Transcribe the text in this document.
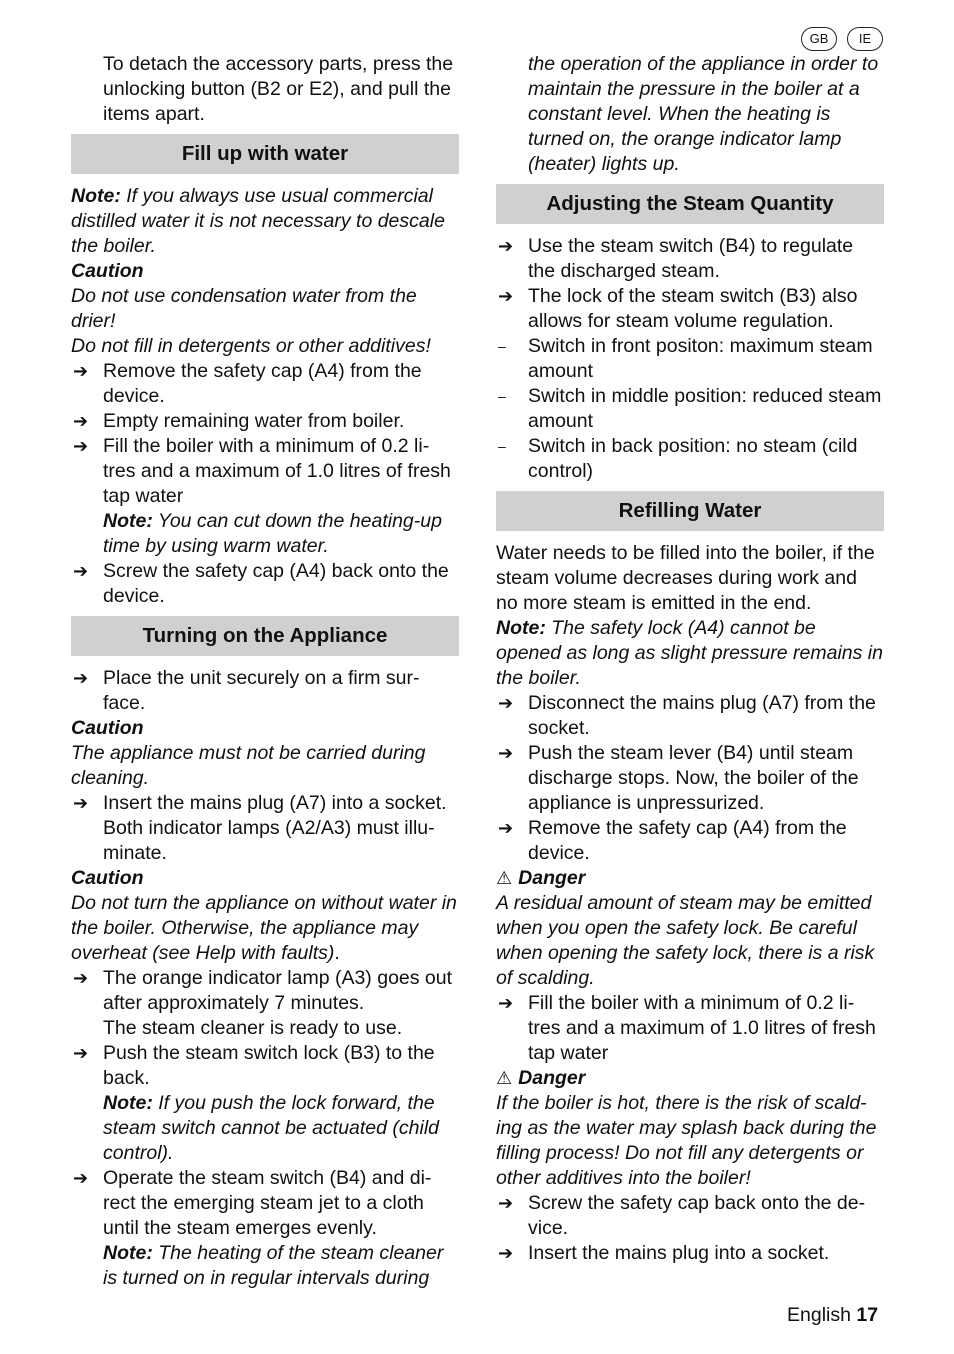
GB IE

To detach the accessory parts, press the unlocking button (B2 or E2), and pull the items apart.

Fill up with water

Note: If you always use usual commercial distilled water it is not necessary to descale the boiler.

Caution

Do not use condensation water from the drier!

Do not fill in detergents or other additives!

➔ Remove the safety cap (A4) from the device.

➔ Empty remaining water from boiler.

➔ Fill the boiler with a minimum of 0.2 li-tres and a maximum of 1.0 litres of fresh tap water

Note: You can cut down the heating-up time by using warm water.

➔ Screw the safety cap (A4) back onto the device.

Turning on the Appliance

➔ Place the unit securely on a firm sur-face.

Caution

The appliance must not be carried during cleaning.

➔ Insert the mains plug (A7) into a socket. Both indicator lamps (A2/A3) must illu-minate.

Caution

Do not turn the appliance on without water in the boiler. Otherwise, the appliance may overheat (see Help with faults).

➔ The orange indicator lamp (A3) goes out after approximately 7 minutes.

The steam cleaner is ready to use.

➔ Push the steam switch lock (B3) to the back.

Note: If you push the lock forward, the steam switch cannot be actuated (child control).

➔ Operate the steam switch (B4) and di-rect the emerging steam jet to a cloth until the steam emerges evenly.

Note: The heating of the steam cleaner is turned on in regular intervals during

the operation of the appliance in order to maintain the pressure in the boiler at a constant level. When the heating is turned on, the orange indicator lamp (heater) lights up.

Adjusting the Steam Quantity

➔ Use the steam switch (B4) to regulate the discharged steam.

➔ The lock of the steam switch (B3) also allows for steam volume regulation.

– Switch in front positon: maximum steam amount

– Switch in middle position: reduced steam amount

– Switch in back position: no steam (cild control)

Refilling Water

Water needs to be filled into the boiler, if the steam volume decreases during work and no more steam is emitted in the end.

Note: The safety lock (A4) cannot be opened as long as slight pressure remains in the boiler.

➔ Disconnect the mains plug (A7) from the socket.

➔ Push the steam lever (B4) until steam discharge stops. Now, the boiler of the appliance is unpressurized.

➔ Remove the safety cap (A4) from the device.

⚠ Danger

A residual amount of steam may be emitted when you open the safety lock. Be careful when opening the safety lock, there is a risk of scalding.

➔ Fill the boiler with a minimum of 0.2 li-tres and a maximum of 1.0 litres of fresh tap water

⚠ Danger

If the boiler is hot, there is the risk of scald-ing as the water may splash back during the filling process! Do not fill any detergents or other additives into the boiler!

➔ Screw the safety cap back onto the de-vice.

➔ Insert the mains plug into a socket.

English 17
